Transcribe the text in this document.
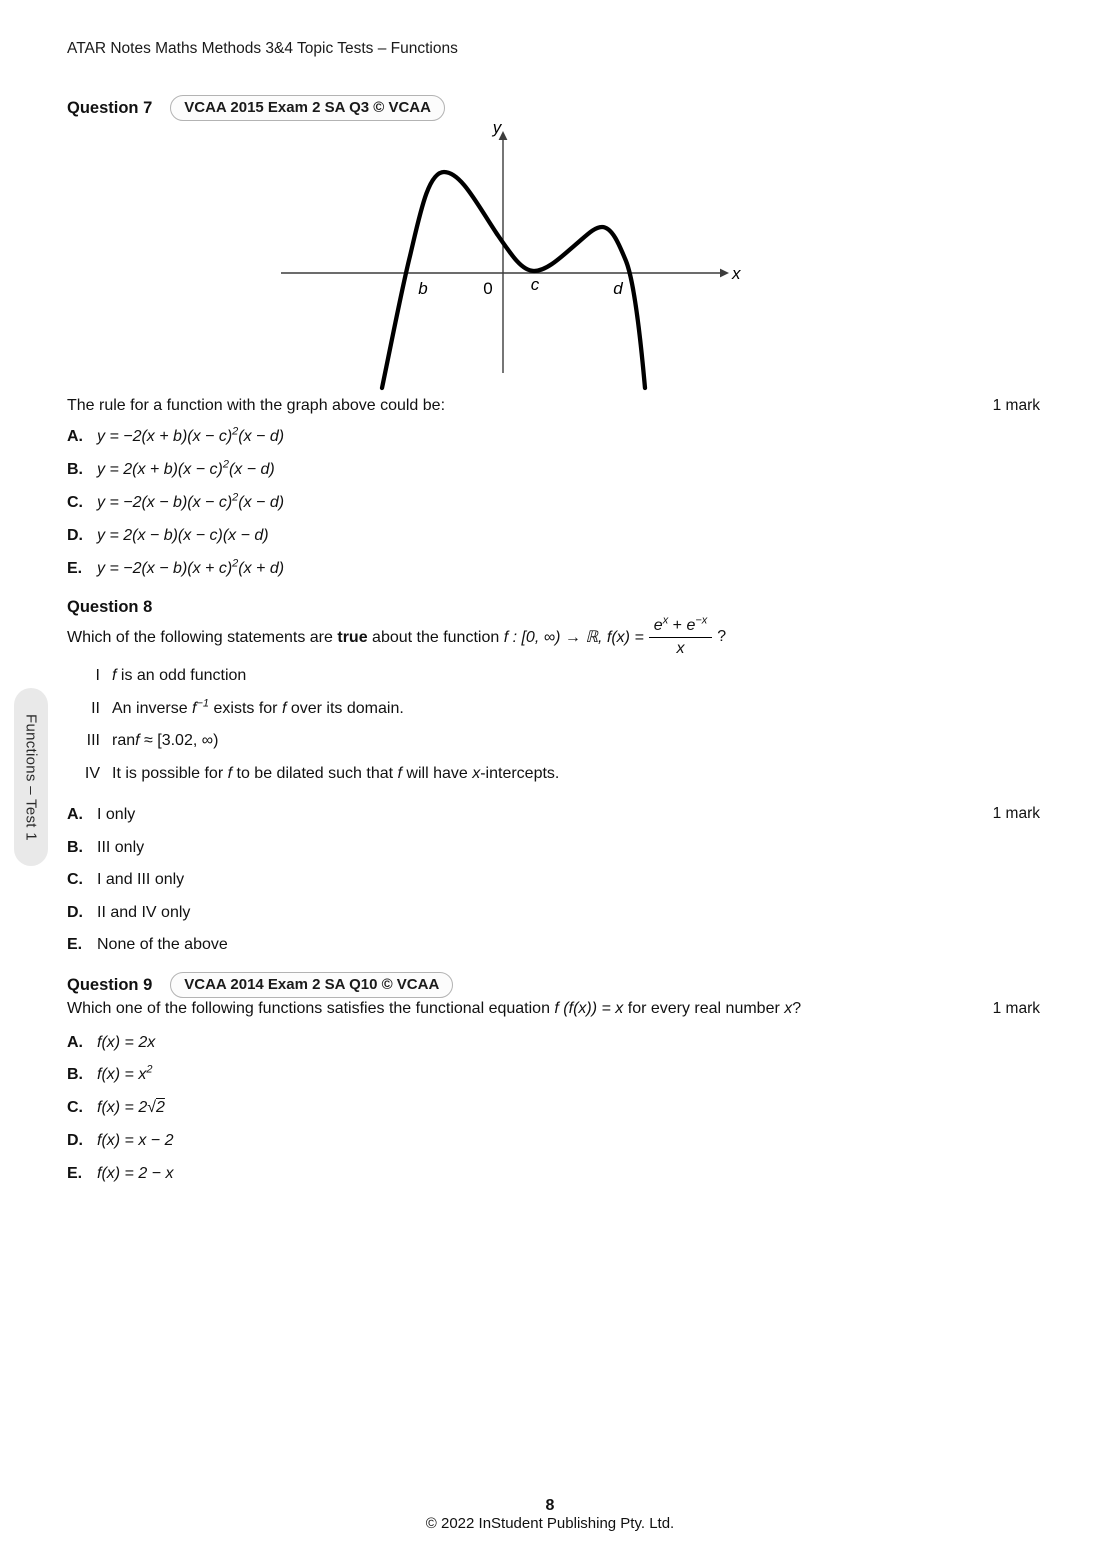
ATAR Notes Maths Methods 3&4 Topic Tests – Functions
Question 7	VCAA 2015 Exam 2 SA Q3 © VCAA
y
x
b	0 c	d
The rule for a function with the graph above could be:	1 mark
A. $y = -2(x + b)(x - c)^2(x - d)$
B. $y = 2(x + b)(x - c)^2(x - d)$
C. $y = -2(x - b)(x - c)^2(x - d)$
D. y = 2(x − b)(x − c)(x − d)
E. $y = -2(x - b)(x + c)^2(x + d)$
Question 8
Which of the following statements are true about the function f : [0, ∞) → ℝ, $f(x) = \frac{e^x + e^{-x}}{x}$ ?
I f is an odd function
II An inverse $f^{-1}$ exists for f over its domain.
III ranf ≈ [3.02, ∞)
IV It is possible for f to be dilated such that f will have x-intercepts.
1 mark
A. I only
B. III only
C. I and III only
D. II and IV only
E. None of the above
Question 9	VCAA 2014 Exam 2 SA Q10 © VCAA
Which one of the following functions satisfies the functional equation f (f(x)) = x for every real number x?	1 mark
A. f(x) = 2x
B. $f(x) = x^2$
C. f(x) = 2√2
D. f(x) = x − 2
E. f(x) = 2 − x
Functions – Test 1
8
© 2022 InStudent Publishing Pty. Ltd.
